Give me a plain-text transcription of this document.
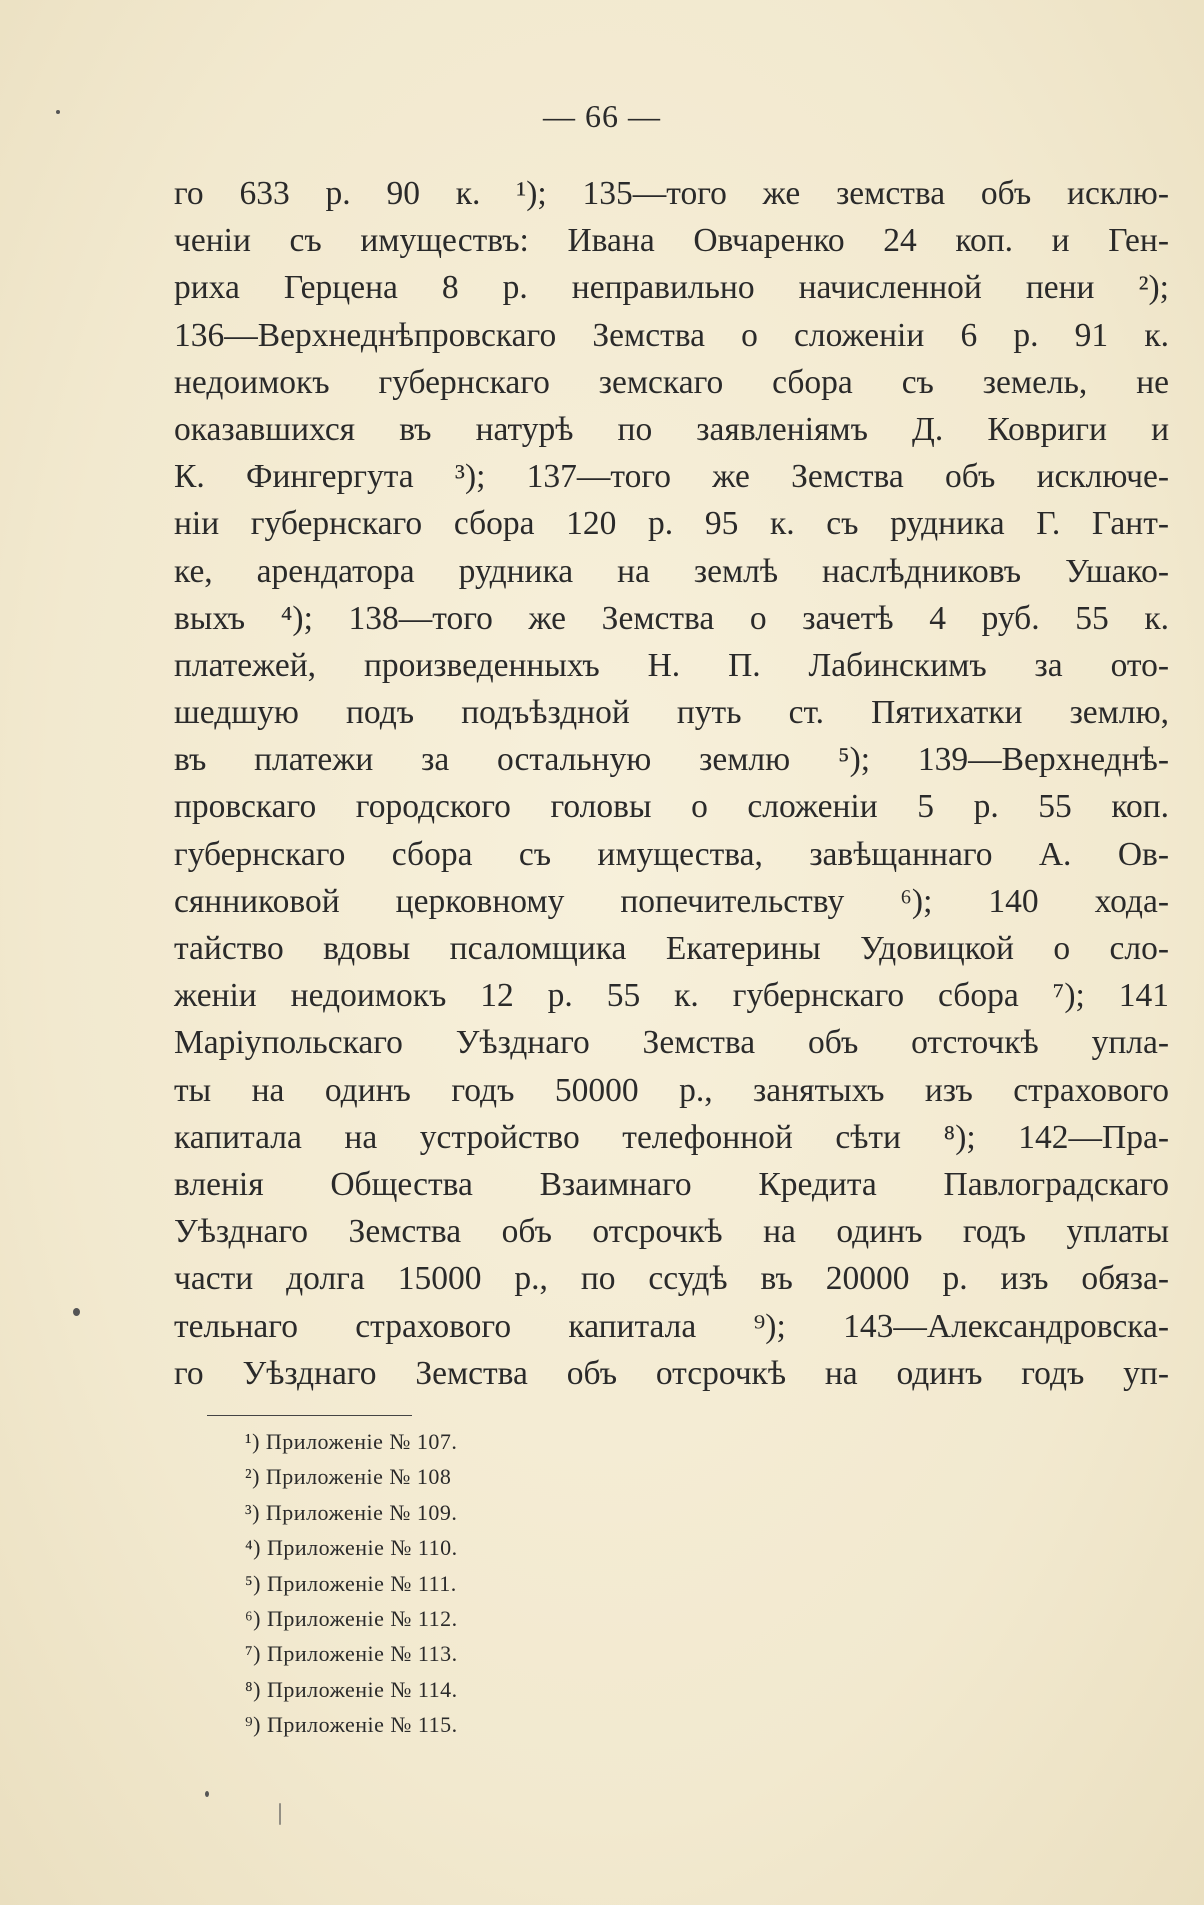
— 66 —
го 633 р. 90 к. ¹); 135—того же земства объ исклю-
ченіи съ имуществъ: Ивана Овчаренко 24 коп. и Ген-
риха Герцена 8 р. неправильно начисленной пени ²);
136—Верхнеднѣпровскаго Земства о сложеніи 6 р. 91 к.
недоимокъ губернскаго земскаго сбора съ земель, не
оказавшихся въ натурѣ по заявленіямъ Д. Ковриги и
К. Фингергута ³); 137—того же Земства объ исключе-
ніи губернскаго сбора 120 р. 95 к. съ рудника Г. Гант-
ке, арендатора рудника на землѣ наслѣдниковъ Ушако-
выхъ ⁴); 138—того же Земства о зачетѣ 4 руб. 55 к.
платежей, произведенныхъ Н. П. Лабинскимъ за ото-
шедшую подъ подъѣздной путь ст. Пятихатки землю,
въ платежи за остальную землю ⁵); 139—Верхнеднѣ-
провскаго городского головы о сложеніи 5 р. 55 коп.
губернскаго сбора съ имущества, завѣщаннаго А. Ов-
сянниковой церковному попечительству ⁶); 140 хода-
тайство вдовы псаломщика Екатерины Удовицкой о сло-
женіи недоимокъ 12 р. 55 к. губернскаго сбора ⁷); 141
Маріупольскаго Уѣзднаго Земства объ отсточкѣ упла-
ты на одинъ годъ 50000 р., занятыхъ изъ страхового
капитала на устройство телефонной сѣти ⁸); 142—Пра-
вленія Общества Взаимнаго Кредита Павлоградскаго
Уѣзднаго Земства объ отсрочкѣ на одинъ годъ уплаты
части долга 15000 р., по ссудѣ въ 20000 р. изъ обяза-
тельнаго страхового капитала ⁹); 143—Александровска-
го Уѣзднаго Земства объ отсрочкѣ на одинъ годъ уп-
¹) Приложеніе № 107.
²) Приложеніе № 108
³) Приложеніе № 109.
⁴) Приложеніе № 110.
⁵) Приложеніе № 111.
⁶) Приложеніе № 112.
⁷) Приложеніе № 113.
⁸) Приложеніе № 114.
⁹) Приложеніе № 115.
